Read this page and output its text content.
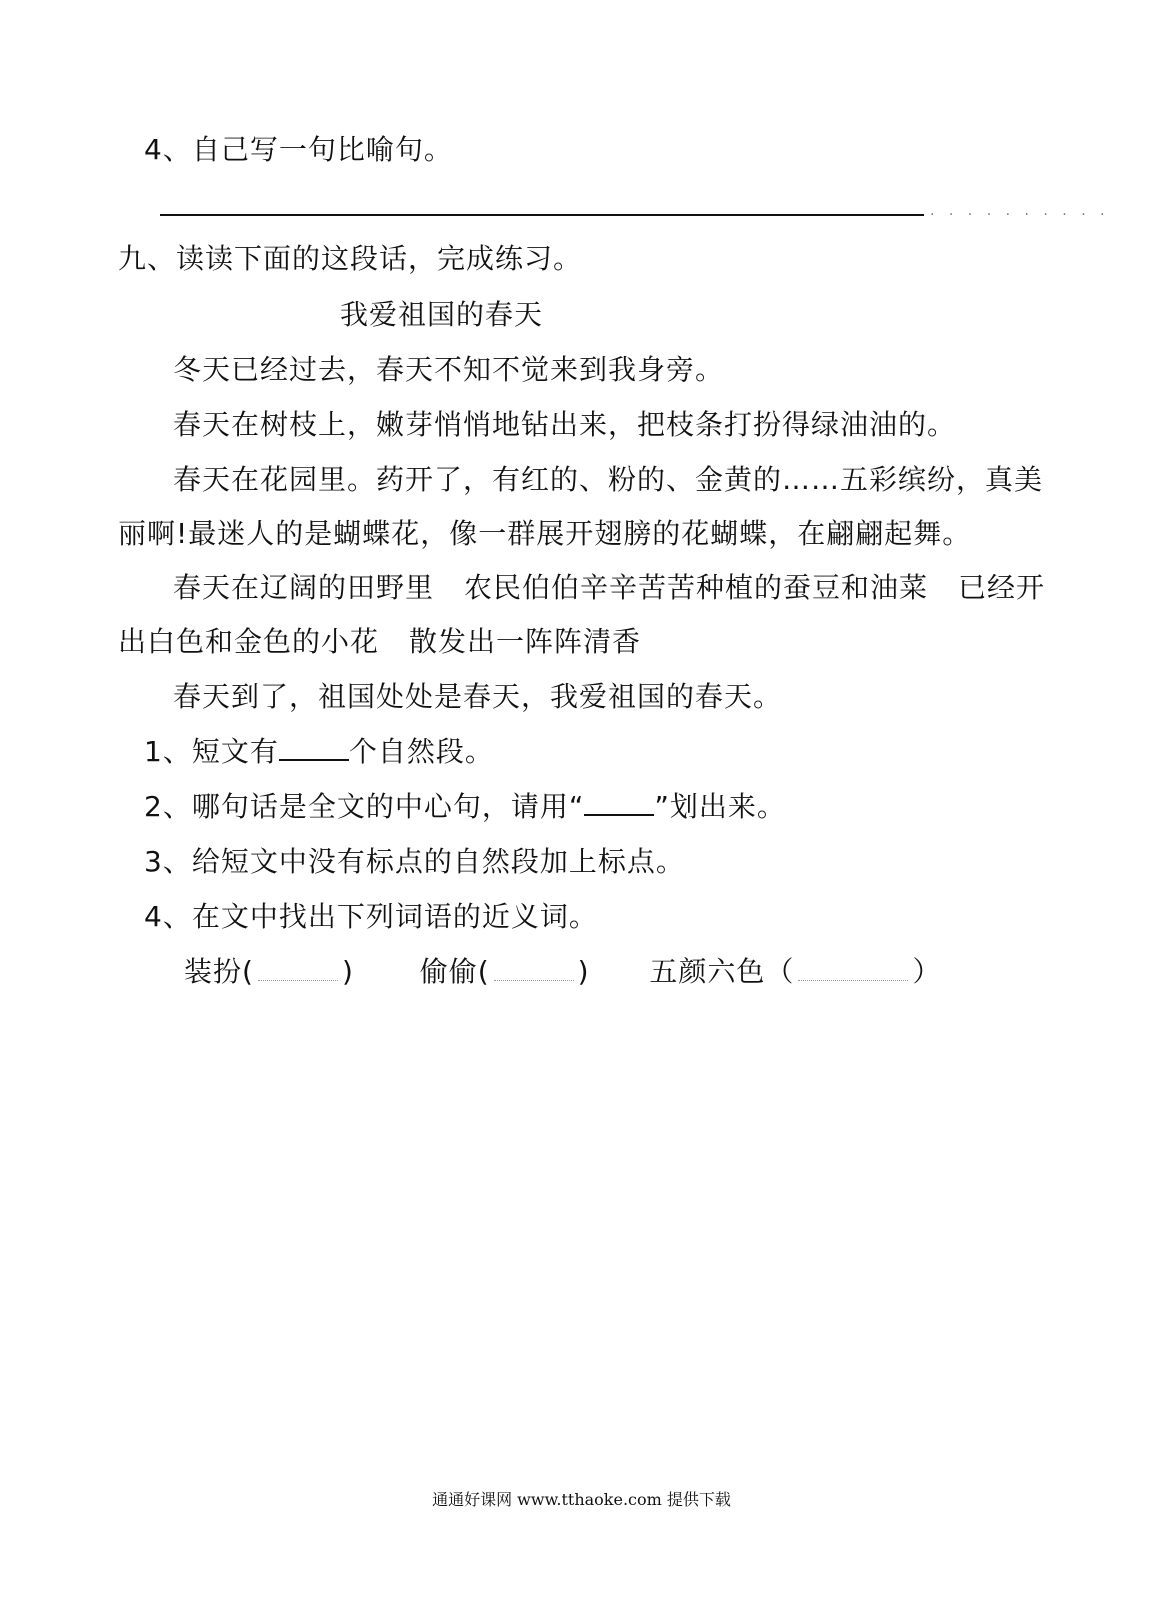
4、自己写一句比喻句。
. . . . . . . . . .
九、读读下面的这段话，完成练习。
我爱祖国的春天
冬天已经过去，春天不知不觉来到我身旁。
春天在树枝上，嫩芽悄悄地钻出来，把枝条打扮得绿油油的。
春天在花园里。药开了，有红的、粉的、金黄的……五彩缤纷，真美
丽啊!最迷人的是蝴蝶花，像一群展开翅膀的花蝴蝶，在翩翩起舞。
春天在辽阔的田野里 农民伯伯辛辛苦苦种植的蚕豆和油菜 已经开
出白色和金色的小花 散发出一阵阵清香
春天到了，祖国处处是春天，我爱祖国的春天。
1、短文有	个自然段。
2、哪句话是全文的中心句，请用“	”划出来。
3、给短文中没有标点的自然段加上标点。
4、在文中找出下列词语的近义词。
装扮(	) 偷偷(	) 五颜六色（	）
通通好课网 www.tthaoke.com 提供下载
